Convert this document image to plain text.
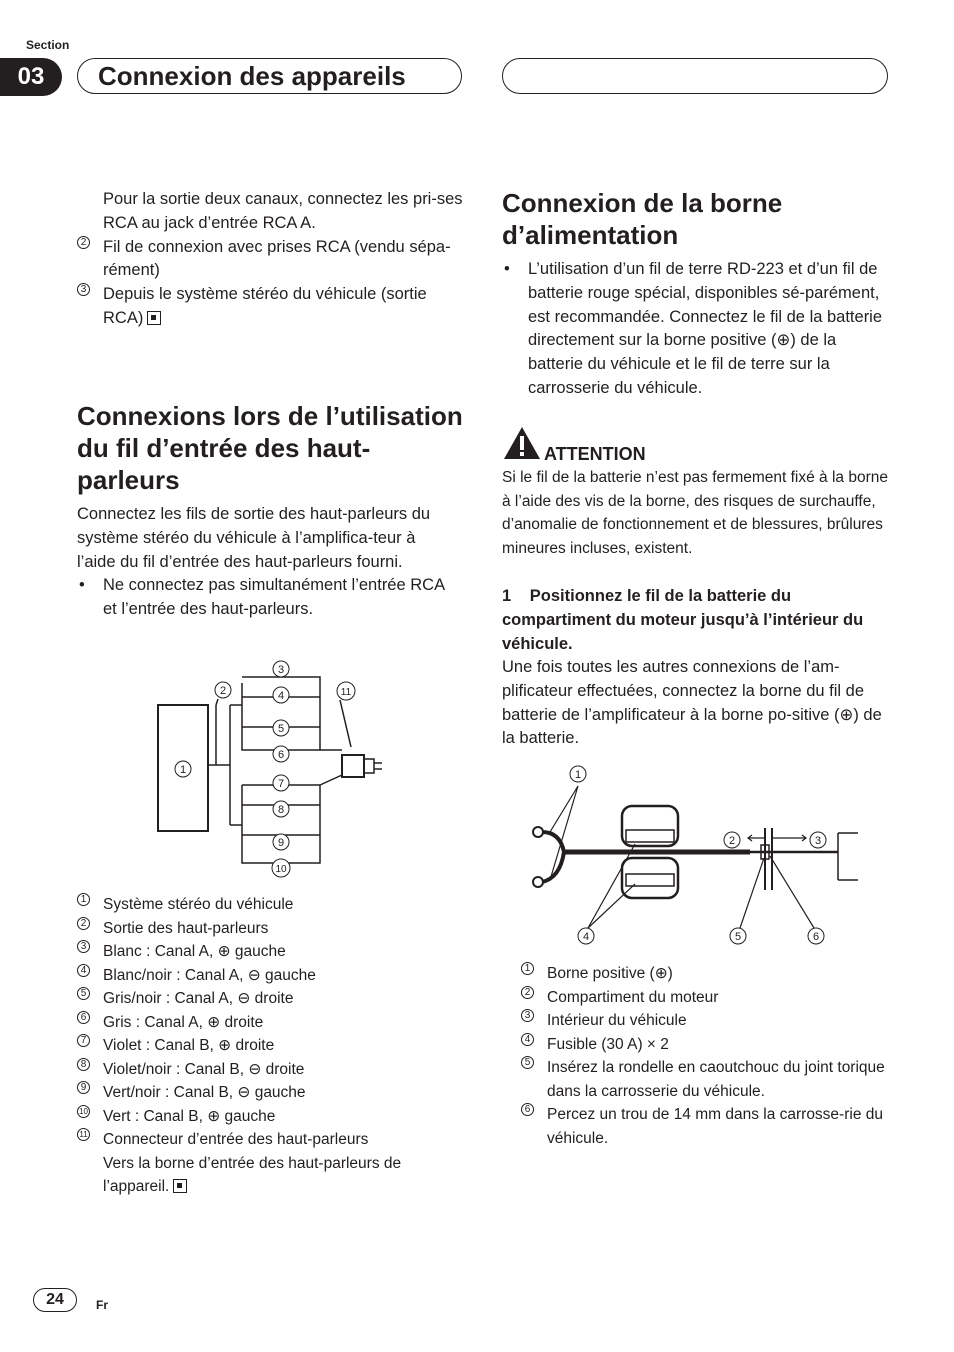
Section
03	Connexion des appareils
Pour la sortie deux canaux, connectez les pri-ses RCA au jack d’entrée RCA A.
2 Fil de connexion avec prises RCA (vendu sépa-rément)
3 Depuis le système stéréo du véhicule (sortie RCA)
Connexions lors de l’utilisation du fil d’entrée des haut-parleurs
Connectez les fils de sortie des haut-parleurs du système stéréo du véhicule à l’amplifica-teur à l’aide du fil d’entrée des haut-parleurs fourni.
• Ne connectez pas simultanément l’entrée RCA et l’entrée des haut-parleurs.
1
2
3
4
5
6
7
8
9
10
11
1 Système stéréo du véhicule
2 Sortie des haut-parleurs
3 Blanc : Canal A, ⊕ gauche
4 Blanc/noir : Canal A, ⊖ gauche
5 Gris/noir : Canal A, ⊖ droite
6 Gris : Canal A, ⊕ droite
7 Violet : Canal B, ⊕ droite
8 Violet/noir : Canal B, ⊖ droite
9 Vert/noir : Canal B, ⊖ gauche
10 Vert : Canal B, ⊕ gauche
11 Connecteur d’entrée des haut-parleurs
Vers la borne d’entrée des haut-parleurs de
l’appareil.
Connexion de la borne d’alimentation
• L’utilisation d’un fil de terre RD-223 et d’un fil de batterie rouge spécial, disponibles sé-parément, est recommandée. Connectez le fil de la batterie directement sur la borne positive (⊕) de la batterie du véhicule et le fil de terre sur la carrosserie du véhicule.
ATTENTION
Si le fil de la batterie n’est pas fermement fixé à la borne à l’aide des vis de la borne, des risques de surchauffe, d’anomalie de fonctionnement et de blessures, brûlures mineures incluses, existent.
1 Positionnez le fil de la batterie du compartiment du moteur jusqu’à l’intérieur du véhicule.
Une fois toutes les autres connexions de l’am-plificateur effectuées, connectez la borne du fil de batterie de l’amplificateur à la borne po-sitive (⊕) de la batterie.
1
2	3
4	5	6
1 Borne positive (⊕)
2 Compartiment du moteur
3 Intérieur du véhicule
4 Fusible (30 A) × 2
5 Insérez la rondelle en caoutchouc du joint torique dans la carrosserie du véhicule.
6 Percez un trou de 14 mm dans la carrosse-rie du véhicule.
24	Fr
